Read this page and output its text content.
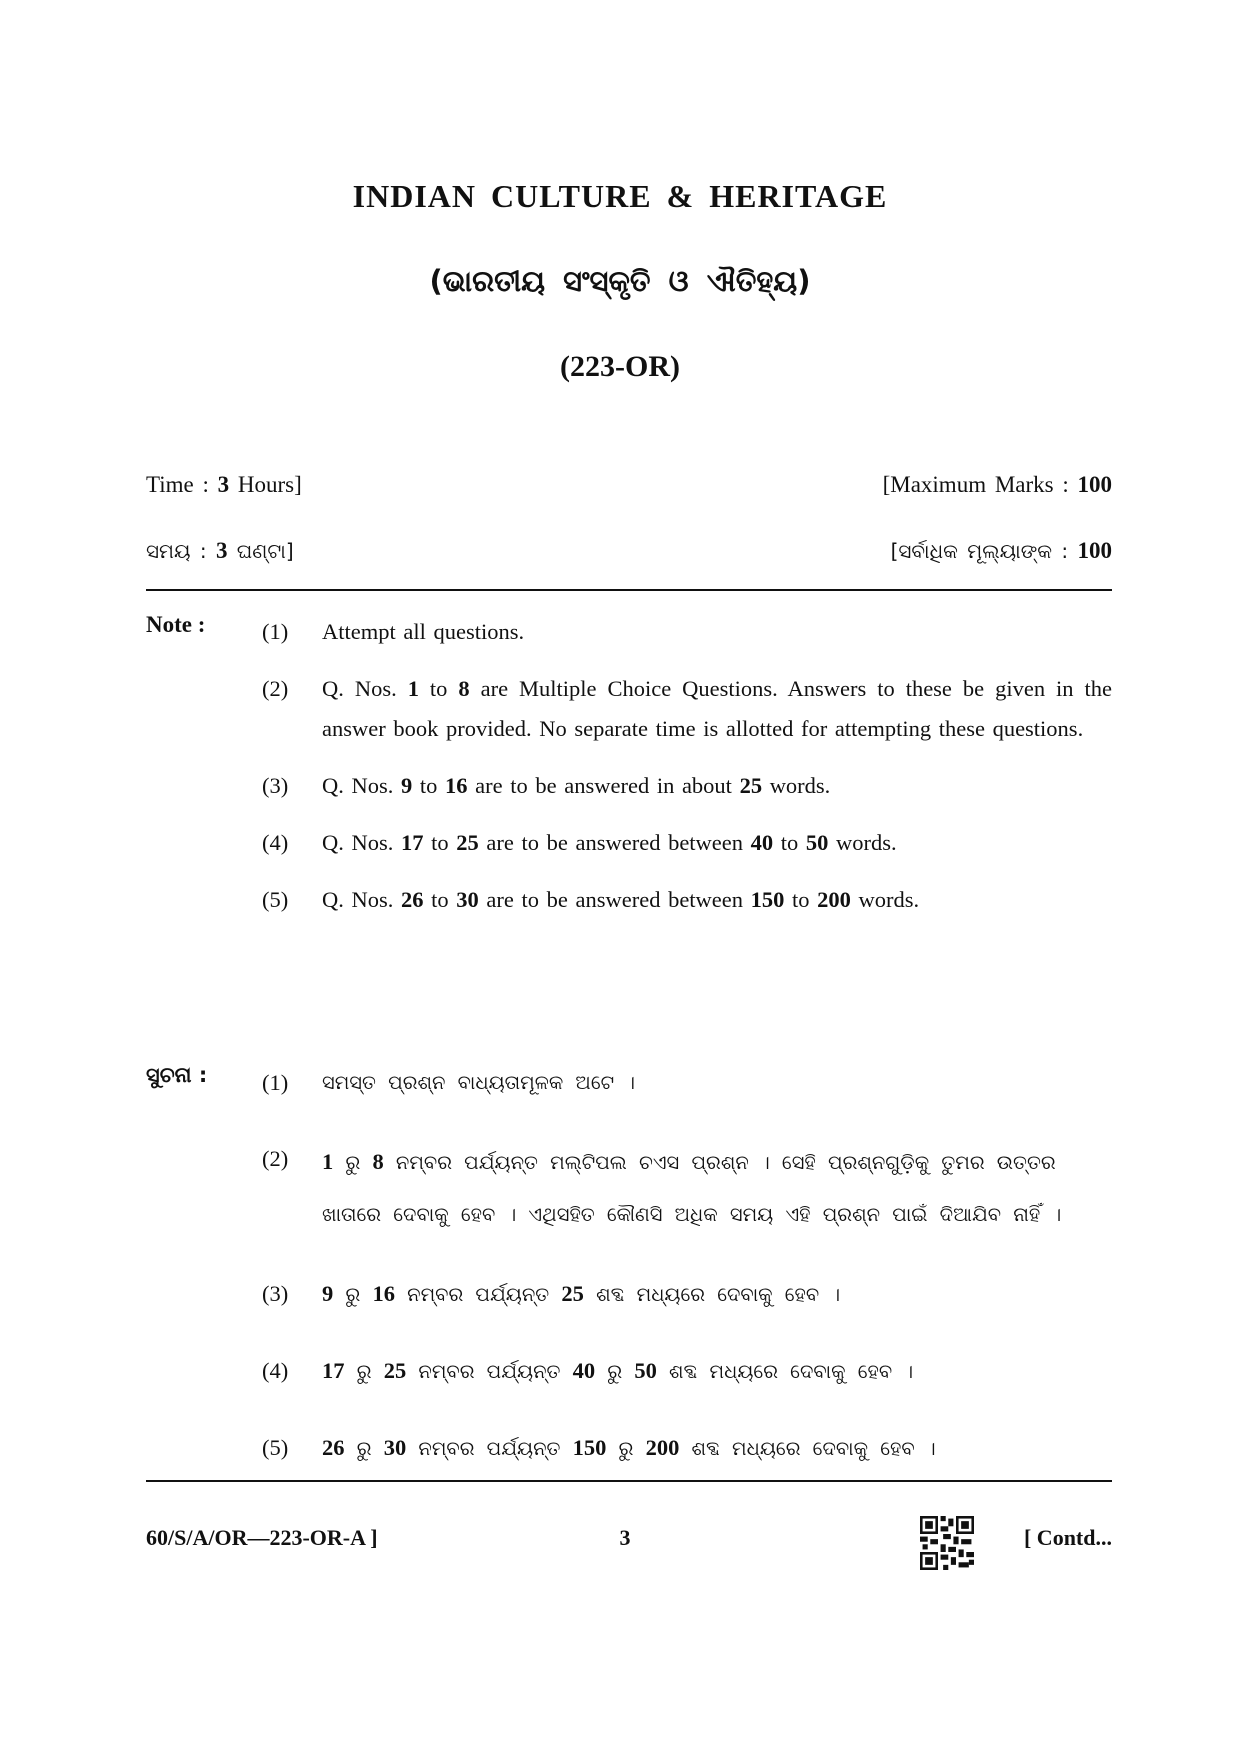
INDIAN CULTURE & HERITAGE
(ଭାରତୀୟ ସଂସ୍କୃତି ଓ ଐତିହ୍ୟ)
(223-OR)
Time : 3 Hours]	[Maximum Marks : 100
ସମୟ : 3 ଘଣ୍ଟା]	[ସର୍ବାଧିକ ମୂଲ୍ୟାଙ୍କ : 100
Note :	(1)	Attempt all questions.
(2)	Q. Nos. 1 to 8 are Multiple Choice Questions. Answers to these be given in the answer book provided. No separate time is allotted for attempting these questions.
(3)	Q. Nos. 9 to 16 are to be answered in about 25 words.
(4)	Q. Nos. 17 to 25 are to be answered between 40 to 50 words.
(5)	Q. Nos. 26 to 30 are to be answered between 150 to 200 words.
ସୁଚନା : (1)	ସମସ୍ତ ପ୍ରଶ୍ନ ବାଧ୍ୟତାମୂଳକ ଅଟେ ।
(2)	1 ରୁ 8 ନମ୍ବର ପର୍ଯ୍ୟନ୍ତ ମଲ୍‌ଟିପଲ ଚଏସ ପ୍ରଶ୍ନ । ସେହି ପ୍ରଶ୍ନଗୁଡ଼ିକୁ ତୁମର ଉତ୍ତର ଖାତାରେ ଦେବାକୁ ହେବ । ଏଥିସହିତ କୌଣସି ଅଧିକ ସମୟ ଏହି ପ୍ରଶ୍ନ ପାଇଁ ଦିଆଯିବ ନାହିଁ ।
(3)	9 ରୁ 16 ନମ୍ବର ପର୍ଯ୍ୟନ୍ତ 25 ଶବ୍ଦ ମଧ୍ୟରେ ଦେବାକୁ ହେବ ।
(4)	17 ରୁ 25 ନମ୍ବର ପର୍ଯ୍ୟନ୍ତ 40 ରୁ 50 ଶବ୍ଦ ମଧ୍ୟରେ ଦେବାକୁ ହେବ ।
(5)	26 ରୁ 30 ନମ୍ବର ପର୍ଯ୍ୟନ୍ତ 150 ରୁ 200 ଶବ୍ଦ ମଧ୍ୟରେ ଦେବାକୁ ହେବ ।
60/S/A/OR—223-OR-A ]	3	[ Contd...
